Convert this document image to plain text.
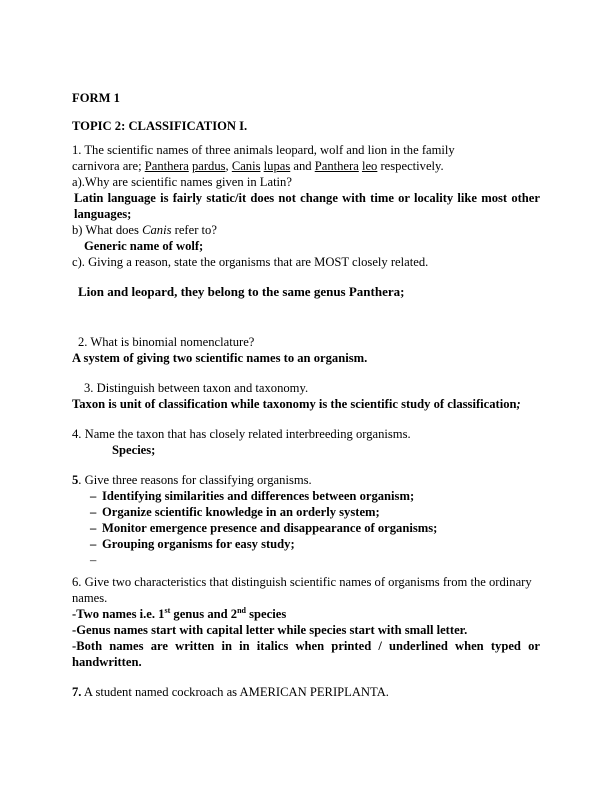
FORM 1
TOPIC 2: CLASSIFICATION I.
1. The scientific names of three animals leopard, wolf and lion in the family
carnivora are; Panthera pardus, Canis lupas and Panthera leo respectively.
a).Why are scientific names given in Latin?
Latin language is fairly static/it does not change with time or locality like most other languages;
b) What does Canis refer to?
Generic name of wolf;
c). Giving a reason, state the organisms that are MOST closely related.
Lion and leopard, they belong to the same genus Panthera;
2. What is binomial nomenclature?
A system of giving two scientific names to an organism.
3. Distinguish between taxon and taxonomy.
Taxon is unit of classification while taxonomy is the scientific study of classification;
4. Name the taxon that has closely related interbreeding organisms.
Species;
5. Give three reasons for classifying organisms.
– Identifying similarities and differences between organism;
– Organize scientific knowledge in an orderly system;
– Monitor emergence presence and disappearance of organisms;
– Grouping organisms for easy study;
–
6. Give two characteristics that distinguish scientific names of organisms from the ordinary names.
-Two names i.e. 1st genus and 2nd species
-Genus names start with capital letter while species start with small letter.
-Both names are written in in italics when printed / underlined when typed or handwritten.
7. A student named cockroach as AMERICAN PERIPLANTA.
